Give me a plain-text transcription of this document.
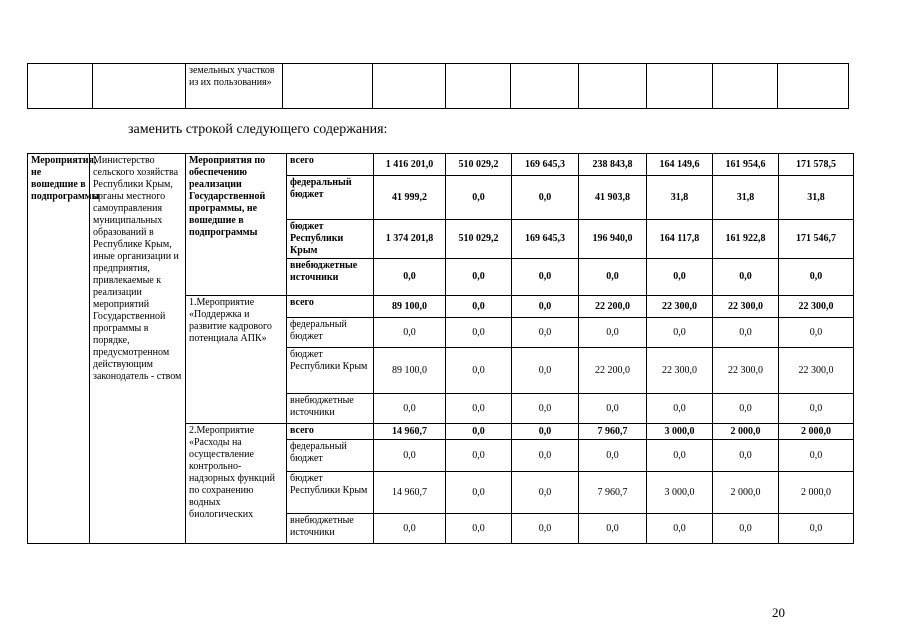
		земельных участков из их пользования»								
заменить строкой следующего содержания:
Мероприятия, не вошедшие в подпрограммы	Министерство сельского хозяйства Республики Крым, органы местного самоуправления муниципальных образований в Республике Крым, иные организации и предприятия, привлекаемые к реализации мероприятий Государственной программы в порядке, предусмотренном действующим законодатель - ством	Мероприятия по обеспечению реализации Государственной программы, не вошедшие в подпрограммы	всего	1 416 201,0	510 029,2	169 645,3	238 843,8	164 149,6	161 954,6	171 578,5
			федеральный бюджет	41 999,2	0,0	0,0	41 903,8	31,8	31,8	31,8
			бюджет Республики Крым	1 374 201,8	510 029,2	169 645,3	196 940,0	164 117,8	161 922,8	171 546,7
			внебюджетные источники	0,0	0,0	0,0	0,0	0,0	0,0	0,0
		1.Мероприятие «Поддержка и развитие кадрового потенциала АПК»	всего	89 100,0	0,0	0,0	22 200,0	22 300,0	22 300,0	22 300,0
			федеральный бюджет	0,0	0,0	0,0	0,0	0,0	0,0	0,0
			бюджет Республики Крым	89 100,0	0,0	0,0	22 200,0	22 300,0	22 300,0	22 300,0
			внебюджетные источники	0,0	0,0	0,0	0,0	0,0	0,0	0,0
		2.Мероприятие «Расходы на осуществление контрольно-надзорных функций по сохранению водных биологических	всего	14 960,7	0,0	0,0	7 960,7	3 000,0	2 000,0	2 000,0
			федеральный бюджет	0,0	0,0	0,0	0,0	0,0	0,0	0,0
			бюджет Республики Крым	14 960,7	0,0	0,0	7 960,7	3 000,0	2 000,0	2 000,0
			внебюджетные источники	0,0	0,0	0,0	0,0	0,0	0,0	0,0
20
